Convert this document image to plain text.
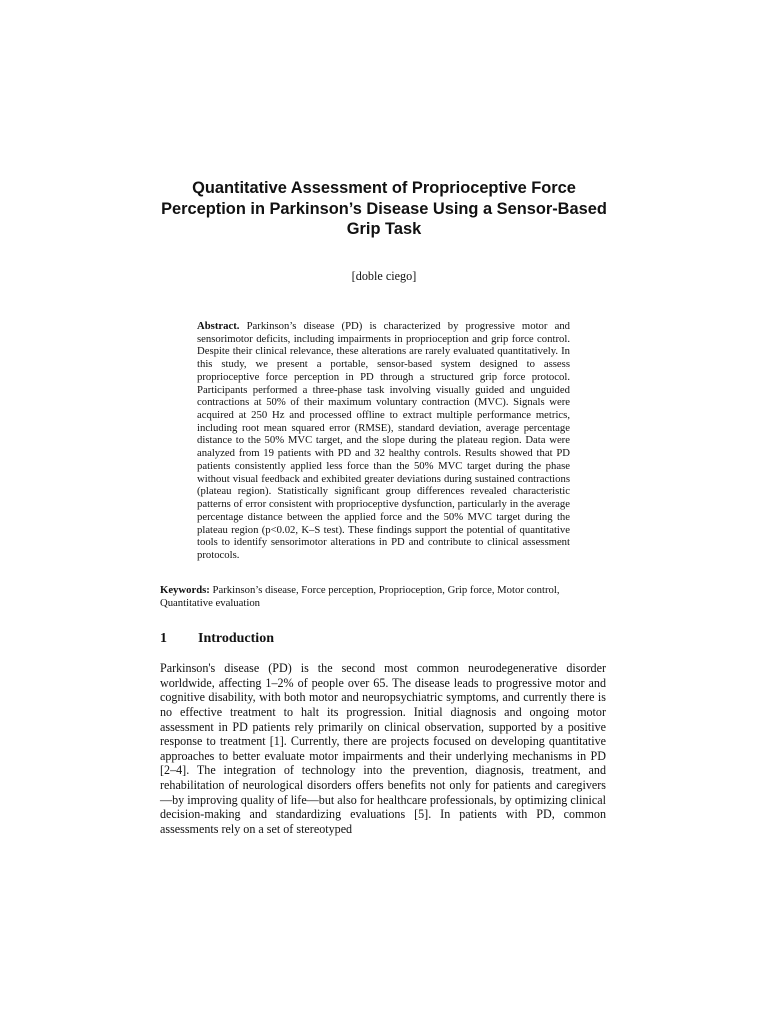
Quantitative Assessment of Proprioceptive Force Perception in Parkinson’s Disease Using a Sensor-Based Grip Task
[doble ciego]

Abstract. Parkinson’s disease (PD) is characterized by progressive motor and sensorimotor deficits, including impairments in proprioception and grip force control. Despite their clinical relevance, these alterations are rarely evaluated quantitatively. In this study, we present a portable, sensor-based system designed to assess proprioceptive force perception in PD through a structured grip force protocol. Participants performed a three-phase task involving visually guided and unguided contractions at 50% of their maximum voluntary contraction (MVC). Signals were acquired at 250 Hz and processed offline to extract multiple performance metrics, including root mean squared error (RMSE), standard deviation, average percentage distance to the 50% MVC target, and the slope during the plateau region. Data were analyzed from 19 patients with PD and 32 healthy controls. Results showed that PD patients consistently applied less force than the 50% MVC target during the phase without visual feedback and exhibited greater deviations during sustained contractions (plateau region). Statistically significant group differences revealed characteristic patterns of error consistent with proprioceptive dysfunction, particularly in the average percentage distance between the applied force and the 50% MVC target during the plateau region (p<0.02, K–S test). These findings support the potential of quantitative tools to identify sensorimotor alterations in PD and contribute to clinical assessment protocols.

Keywords: Parkinson’s disease, Force perception, Proprioception, Grip force, Motor control, Quantitative evaluation

1 Introduction

Parkinson's disease (PD) is the second most common neurodegenerative disorder worldwide, affecting 1–2% of people over 65. The disease leads to progressive motor and cognitive disability, with both motor and neuropsychiatric symptoms, and currently there is no effective treatment to halt its progression. Initial diagnosis and ongoing motor assessment in PD patients rely primarily on clinical observation, supported by a positive response to treatment [1]. Currently, there are projects focused on developing quantitative approaches to better evaluate motor impairments and their underlying mechanisms in PD [2–4]. The integration of technology into the prevention, diagnosis, treatment, and rehabilitation of neurological disorders offers benefits not only for patients and caregivers—by improving quality of life—but also for healthcare professionals, by optimizing clinical decision-making and standardizing evaluations [5]. In patients with PD, common assessments rely on a set of stereotyped
